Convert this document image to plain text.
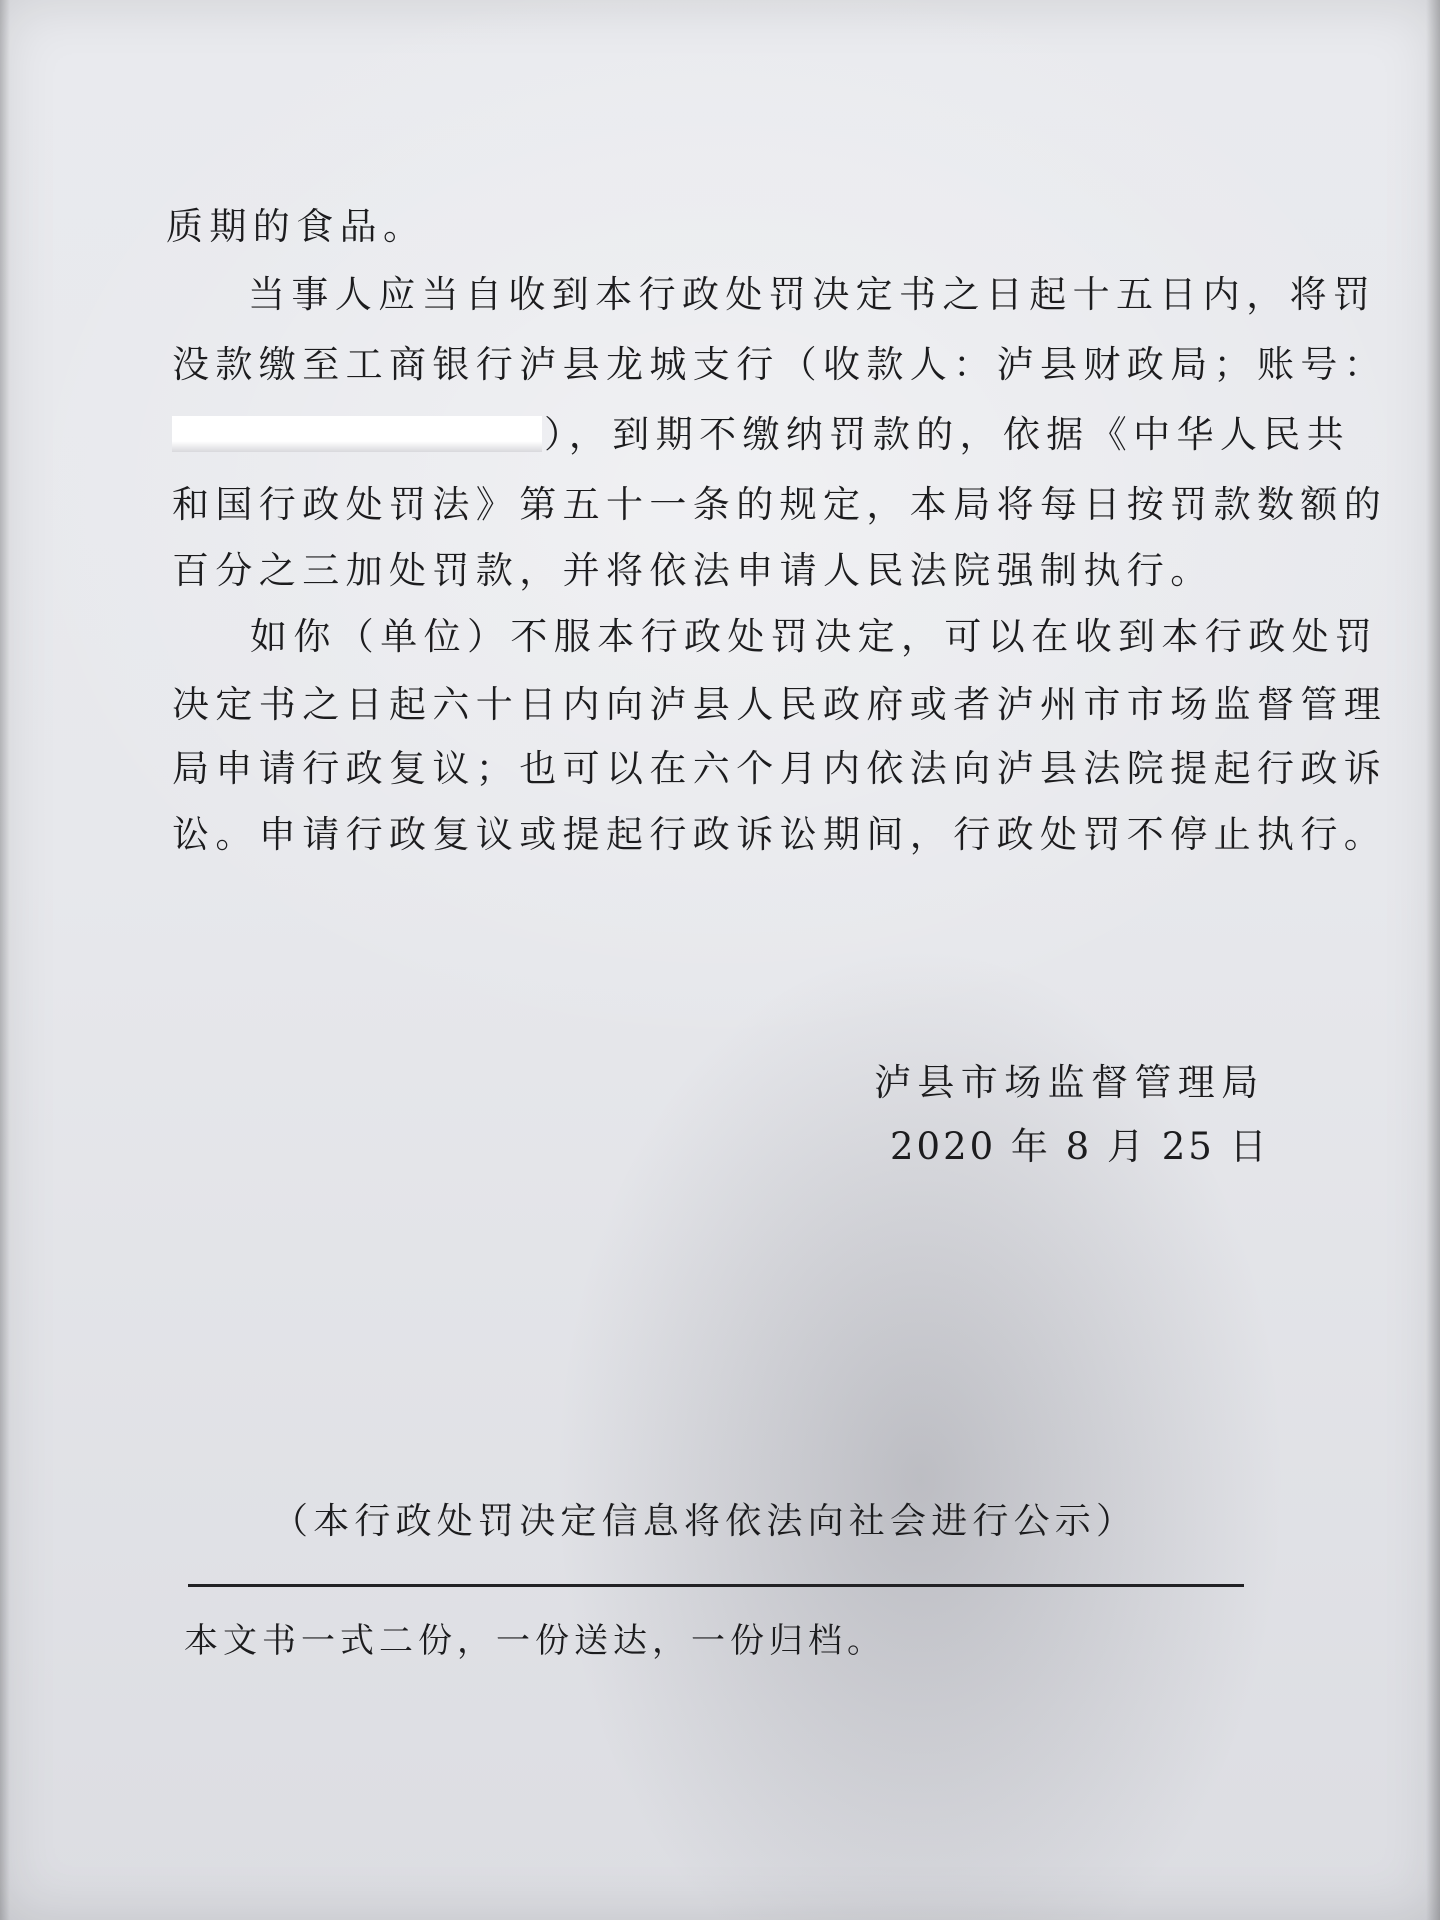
质期的食品。
当事人应当自收到本行政处罚决定书之日起十五日内，将罚
没款缴至工商银行泸县龙城支行（收款人：泸县财政局；账号：
），到期不缴纳罚款的，依据《中华人民共
和国行政处罚法》第五十一条的规定，本局将每日按罚款数额的
百分之三加处罚款，并将依法申请人民法院强制执行。
如你（单位）不服本行政处罚决定，可以在收到本行政处罚
决定书之日起六十日内向泸县人民政府或者泸州市市场监督管理
局申请行政复议；也可以在六个月内依法向泸县法院提起行政诉
讼。申请行政复议或提起行政诉讼期间，行政处罚不停止执行。
泸县市场监督管理局
2020 年 8 月 25 日
（本行政处罚决定信息将依法向社会进行公示）
本文书一式二份，一份送达，一份归档。
